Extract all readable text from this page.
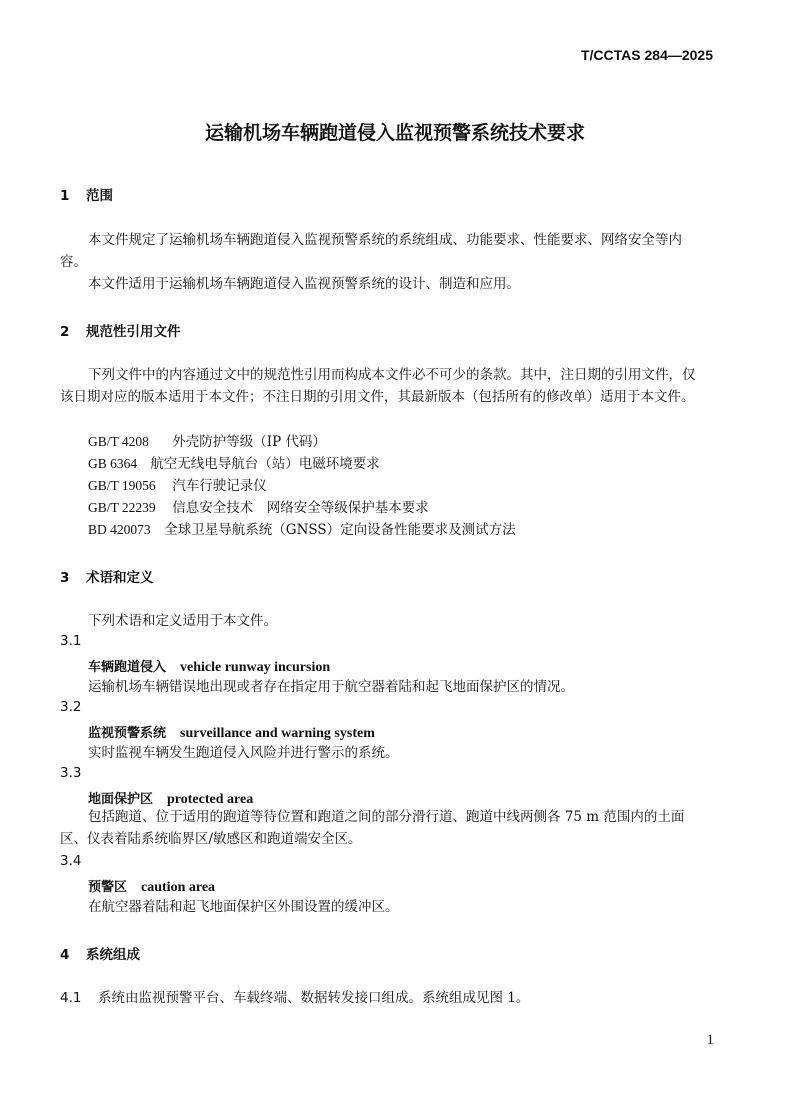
T/CCTAS 284—2025
运输机场车辆跑道侵入监视预警系统技术要求
1 范围
本文件规定了运输机场车辆跑道侵入监视预警系统的系统组成、功能要求、性能要求、网络安全等内容。
本文件适用于运输机场车辆跑道侵入监视预警系统的设计、制造和应用。
2 规范性引用文件
下列文件中的内容通过文中的规范性引用而构成本文件必不可少的条款。其中，注日期的引用文件，仅该日期对应的版本适用于本文件；不注日期的引用文件，其最新版本（包括所有的修改单）适用于本文件。
GB/T 4208 外壳防护等级（IP 代码）
GB 6364 航空无线电导航台（站）电磁环境要求
GB/T 19056 汽车行驶记录仪
GB/T 22239 信息安全技术　网络安全等级保护基本要求
BD 420073 全球卫星导航系统（GNSS）定向设备性能要求及测试方法
3 术语和定义
下列术语和定义适用于本文件。
3.1
车辆跑道侵入 vehicle runway incursion
运输机场车辆错误地出现或者存在指定用于航空器着陆和起飞地面保护区的情况。
3.2
监视预警系统 surveillance and warning system
实时监视车辆发生跑道侵入风险并进行警示的系统。
3.3
地面保护区 protected area
包括跑道、位于适用的跑道等待位置和跑道之间的部分滑行道、跑道中线两侧各 75 m 范围内的土面区、仪表着陆系统临界区/敏感区和跑道端安全区。
3.4
预警区 caution area
在航空器着陆和起飞地面保护区外围设置的缓冲区。
4 系统组成
4.1 系统由监视预警平台、车载终端、数据转发接口组成。系统组成见图 1。
1
